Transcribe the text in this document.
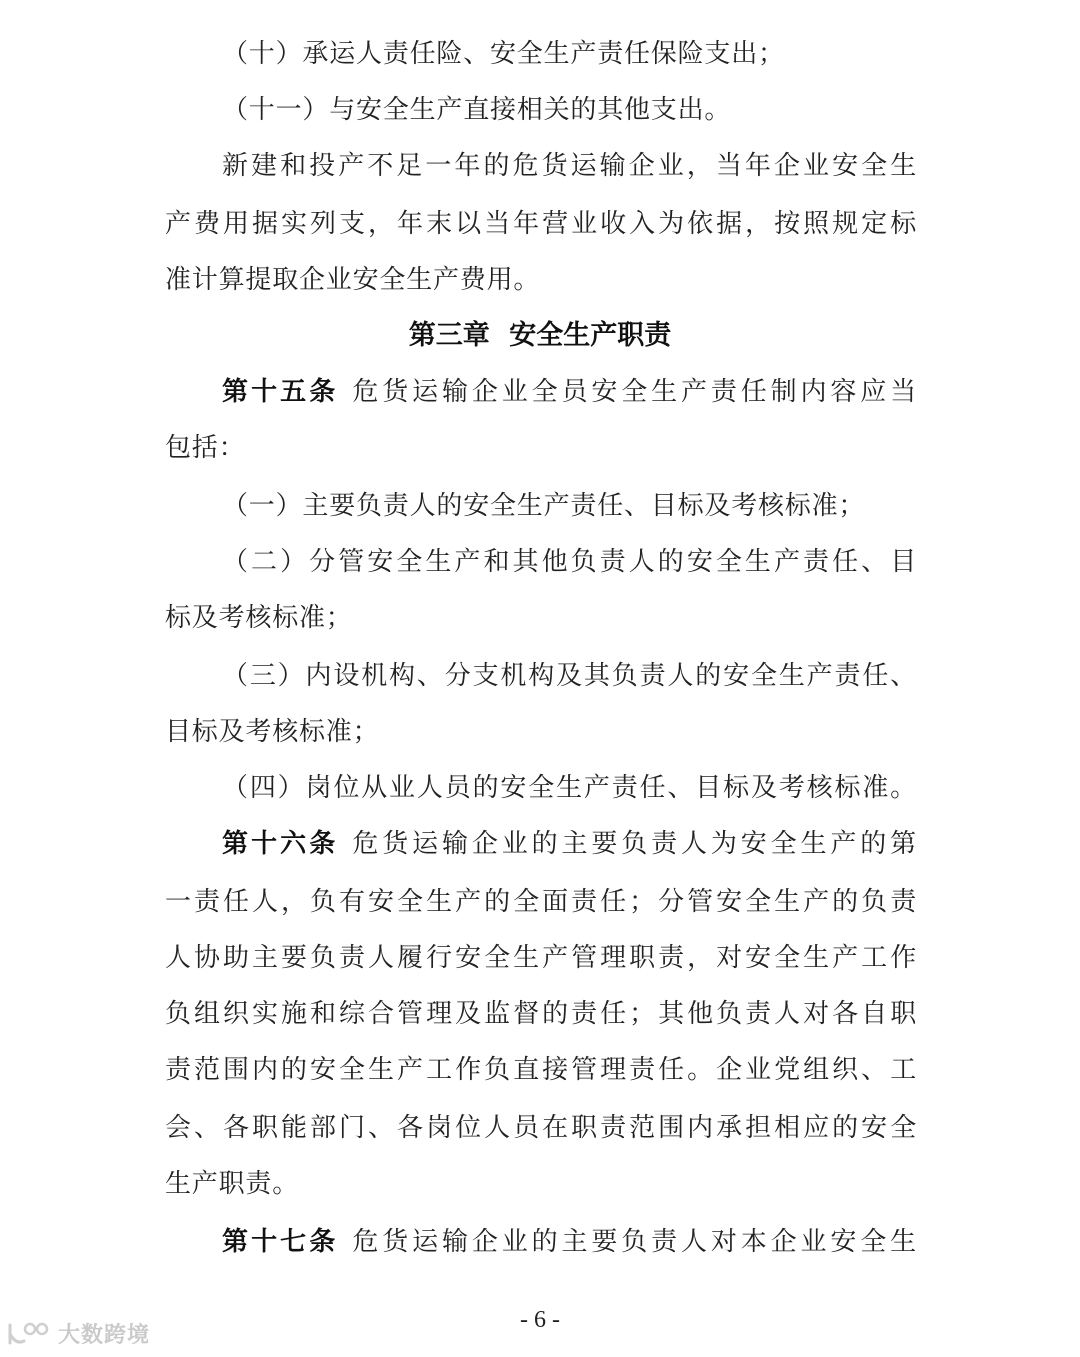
（十）承运人责任险、安全生产责任保险支出；
（十一）与安全生产直接相关的其他支出。
新建和投产不足一年的危货运输企业，当年企业安全生
产费用据实列支，年末以当年营业收入为依据，按照规定标
准计算提取企业安全生产费用。
第三章 安全生产职责
第十五条 危货运输企业全员安全生产责任制内容应当
包括：
（一）主要负责人的安全生产责任、目标及考核标准；
（二）分管安全生产和其他负责人的安全生产责任、目
标及考核标准；
（三）内设机构、分支机构及其负责人的安全生产责任、
目标及考核标准；
（四）岗位从业人员的安全生产责任、目标及考核标准。
第十六条 危货运输企业的主要负责人为安全生产的第
一责任人，负有安全生产的全面责任；分管安全生产的负责
人协助主要负责人履行安全生产管理职责，对安全生产工作
负组织实施和综合管理及监督的责任；其他负责人对各自职
责范围内的安全生产工作负直接管理责任。企业党组织、工
会、各职能部门、各岗位人员在职责范围内承担相应的安全
生产职责。
第十七条 危货运输企业的主要负责人对本企业安全生
- 6 -
大数跨境
